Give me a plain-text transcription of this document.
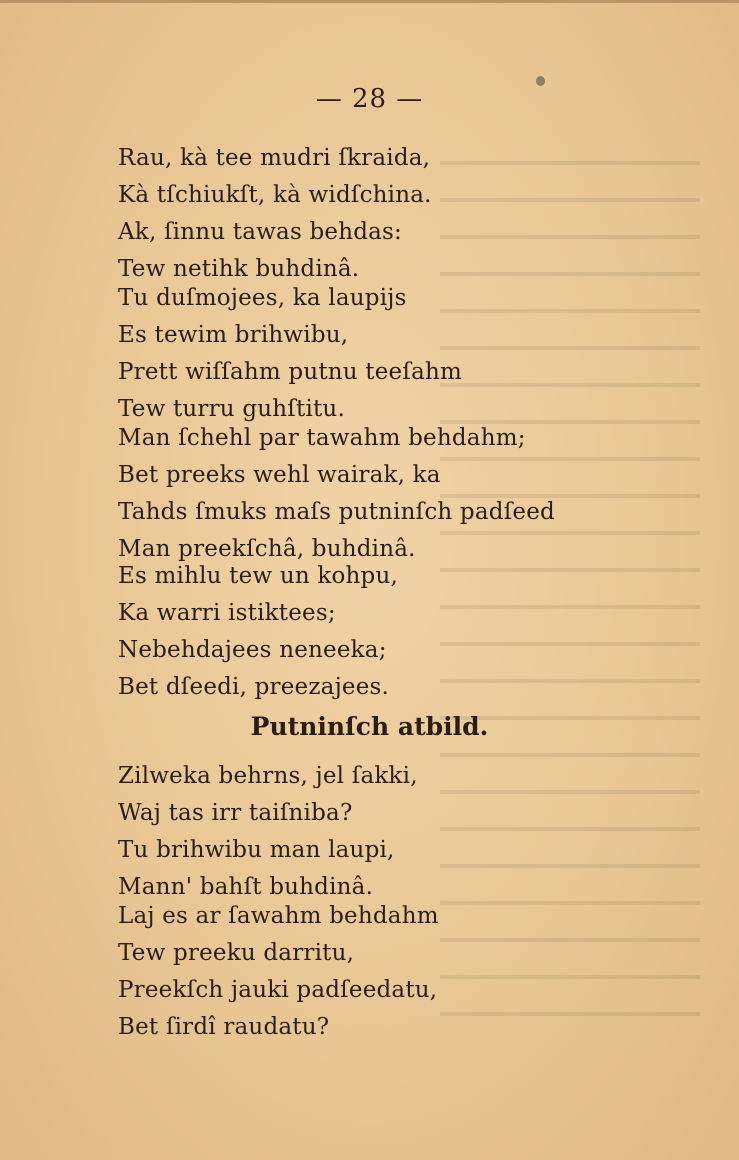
— 28 —
Rau, kà tee mudri ſkraida,
Kà tſchiukſt, kà widſchina.
Ak, ſinnu tawas behdas:
Tew netihk buhdinâ.
Tu duſmojees, ka laupijs
Es tewim brihwibu,
Prett wiſſahm putnu teeſahm
Tew turru guhſtitu.
Man ſchehl par tawahm behdahm;
Bet preeks wehl wairak, ka
Tahds ſmuks maſs putninſch padſeed
Man preekſchâ, buhdinâ.
Es mihlu tew un kohpu,
Ka warri istiktees;
Nebehdajees neneeka;
Bet dſeedi, preezajees.
Putninſch atbild.
Zilweka behrns, jel ſakki,
Waj tas irr taiſniba?
Tu brihwibu man laupi,
Mann' bahſt buhdinâ.
Laj es ar ſawahm behdahm
Tew preeku darritu,
Preekſch jauki padſeedatu,
Bet ſirdî raudatu?
